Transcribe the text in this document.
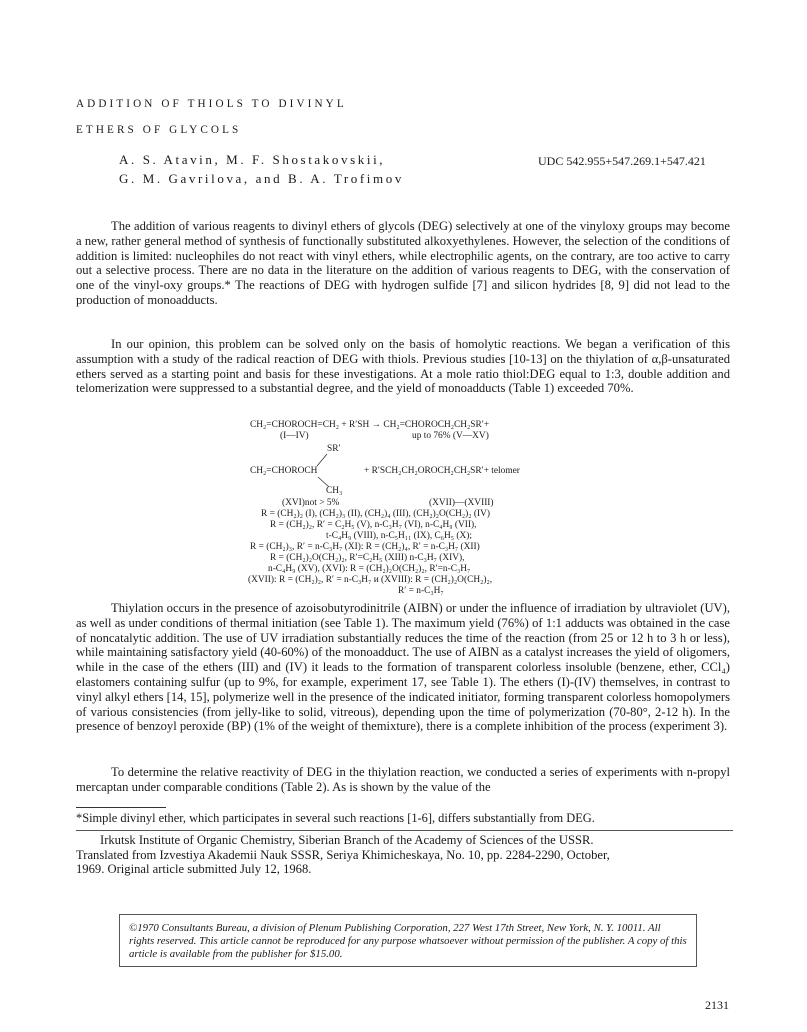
ADDITION OF THIOLS TO DIVINYL
ETHERS OF GLYCOLS
A. S. Atavin, M. F. Shostakovskii,
G. M. Gavrilova, and B. A. Trofimov
UDC 542.955+547.269.1+547.421

The addition of various reagents to divinyl ethers of glycols (DEG) selectively at one of the vinyloxy groups may become a new, rather general method of synthesis of functionally substituted alkoxyethylenes. However, the selection of the conditions of addition is limited: nucleophiles do not react with vinyl ethers, while electrophilic agents, on the contrary, are too active to carry out a selective process. There are no data in the literature on the addition of various reagents to DEG, with the conservation of one of the vinyl-oxy groups.* The reactions of DEG with hydrogen sulfide [7] and silicon hydrides [8, 9] did not lead to the production of monoadducts.

In our opinion, this problem can be solved only on the basis of homolytic reactions. We began a verification of this assumption with a study of the radical reaction of DEG with thiols. Previous studies [10-13] on the thiylation of α,β-unsaturated ethers served as a starting point and basis for these investigations. At a mole ratio thiol:DEG equal to 1:3, double addition and telomerization were suppressed to a substantial degree, and the yield of monoadducts (Table 1) exceeded 70%.

CH₂=CHOROCH=CH₂ + R′SH → CH₂=CHOROCH₂CH₂SR′+
(I—IV)	up to 76% (V—XV)
SR′
CH₂=CHOROCH	+ R′SCH₂CH₂OROCH₂CH₂SR′+ telomer
CH₃
(XVI)not > 5%	(XVII)—(XVIII)
R = (CH₂)₂ (I), (CH₂)₃ (II), (CH₂)₄ (III), (CH₂)₂O(CH₂)₂ (IV)
R = (CH₂)₂, R′ = C₂H₅ (V), n-C₃H₇ (VI), n-C₄H₉ (VII),
t-C₄H₉ (VIII), n-C₅H₁₁ (IX), C₆H₅ (X);
R = (CH₂)₃, R′ = n-C₃H₇ (XI): R = (CH₂)₄, R′ = n-C₃H₇ (XII)
R = (CH₂)₂O(CH₂)₂, R′=C₂H₅ (XIII) n-C₃H₇ (XIV),
n-C₄H₉ (XV), (XVI): R = (CH₂)₂O(CH₂)₂, R′=n-C₃H₇
(XVII): R = (CH₂)₂, R′ = n-C₃H₇ и (XVIII): R = (CH₂)₂O(CH₂)₂,
R′ = n-C₃H₇

Thiylation occurs in the presence of azoisobutyrodinitrile (AIBN) or under the influence of irradiation by ultraviolet (UV), as well as under conditions of thermal initiation (see Table 1). The maximum yield (76%) of 1:1 adducts was obtained in the case of noncatalytic addition. The use of UV irradiation substantially reduces the time of the reaction (from 25 or 12 h to 3 h or less), while maintaining satisfactory yield (40-60%) of the monoadduct. The use of AIBN as a catalyst increases the yield of oligomers, while in the case of the ethers (III) and (IV) it leads to the formation of transparent colorless insoluble (benzene, ether, CCl₄) elastomers containing sulfur (up to 9%, for example, experiment 17, see Table 1). The ethers (I)-(IV) themselves, in contrast to vinyl alkyl ethers [14, 15], polymerize well in the presence of the indicated initiator, forming transparent colorless homopolymers of various consistencies (from jelly-like to solid, vitreous), depending upon the time of polymerization (70-80°, 2-12 h). In the presence of benzoyl peroxide (BP) (1% of the weight of themixture), there is a complete inhibition of the process (experiment 3).

To determine the relative reactivity of DEG in the thiylation reaction, we conducted a series of experiments with n-propyl mercaptan under comparable conditions (Table 2). As is shown by the value of the

*Simple divinyl ether, which participates in several such reactions [1-6], differs substantially from DEG.
Irkutsk Institute of Organic Chemistry, Siberian Branch of the Academy of Sciences of the USSR.
Translated from Izvestiya Akademii Nauk SSSR, Seriya Khimicheskaya, No. 10, pp. 2284-2290, October,
1969. Original article submitted July 12, 1968.
©1970 Consultants Bureau, a division of Plenum Publishing Corporation, 227 West 17th Street, New York, N. Y. 10011. All rights reserved. This article cannot be reproduced for any purpose whatsoever without permission of the publisher. A copy of this article is available from the publisher for $15.00.
2131
